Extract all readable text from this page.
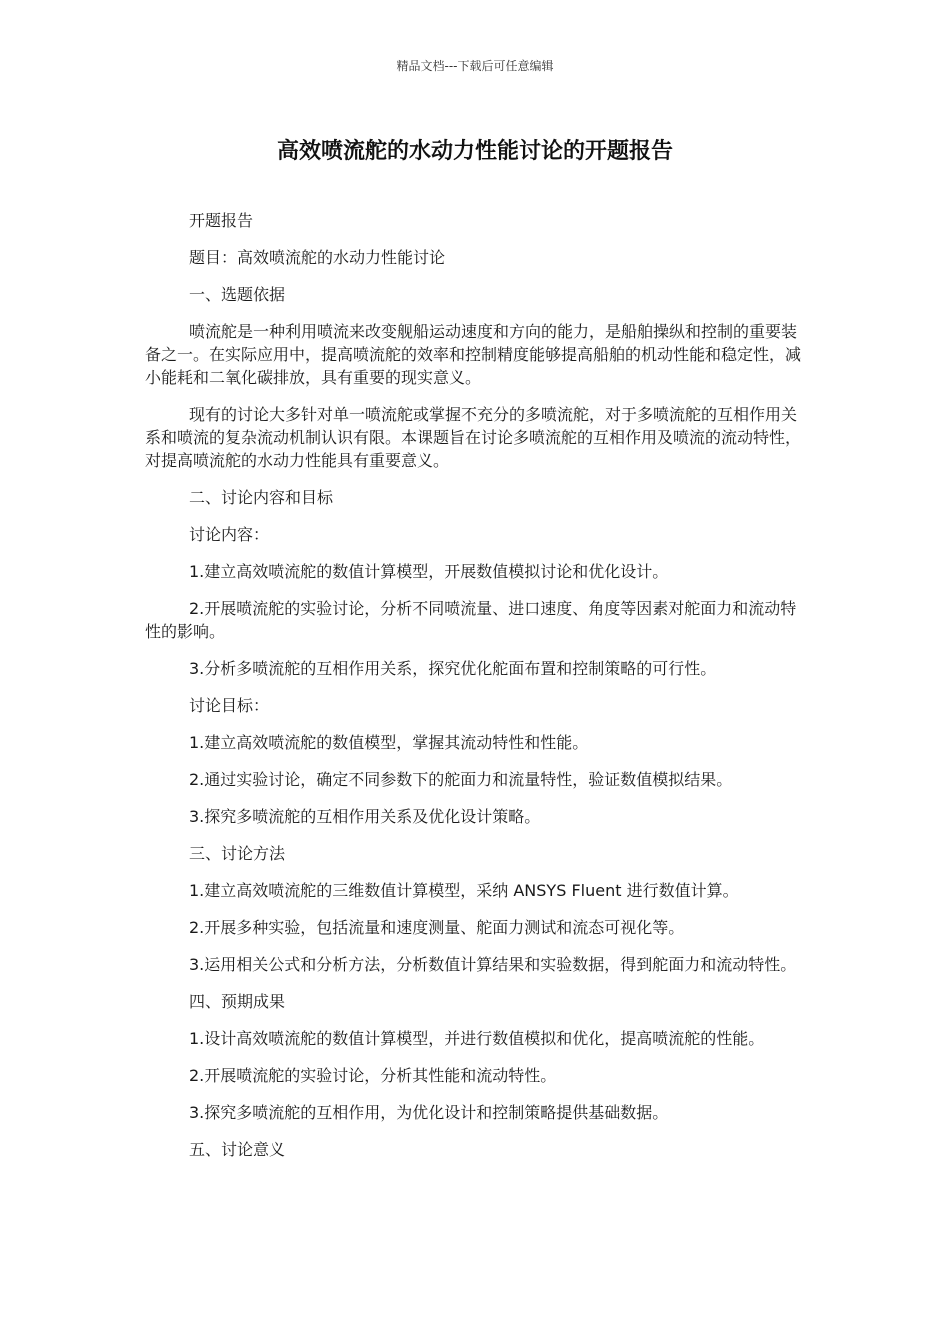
精品文档---下载后可任意编辑
高效喷流舵的水动力性能讨论的开题报告

开题报告

题目：高效喷流舵的水动力性能讨论

一、选题依据

喷流舵是一种利用喷流来改变舰船运动速度和方向的能力，是船舶操纵和控制的重要装备之一。在实际应用中，提高喷流舵的效率和控制精度能够提高船舶的机动性能和稳定性，减小能耗和二氧化碳排放，具有重要的现实意义。

现有的讨论大多针对单一喷流舵或掌握不充分的多喷流舵，对于多喷流舵的互相作用关系和喷流的复杂流动机制认识有限。本课题旨在讨论多喷流舵的互相作用及喷流的流动特性，对提高喷流舵的水动力性能具有重要意义。

二、讨论内容和目标

讨论内容：

1.建立高效喷流舵的数值计算模型，开展数值模拟讨论和优化设计。

2.开展喷流舵的实验讨论，分析不同喷流量、进口速度、角度等因素对舵面力和流动特性的影响。

3.分析多喷流舵的互相作用关系，探究优化舵面布置和控制策略的可行性。

讨论目标：

1.建立高效喷流舵的数值模型，掌握其流动特性和性能。

2.通过实验讨论，确定不同参数下的舵面力和流量特性，验证数值模拟结果。

3.探究多喷流舵的互相作用关系及优化设计策略。

三、讨论方法

1.建立高效喷流舵的三维数值计算模型，采纳 ANSYS Fluent 进行数值计算。

2.开展多种实验，包括流量和速度测量、舵面力测试和流态可视化等。

3.运用相关公式和分析方法，分析数值计算结果和实验数据，得到舵面力和流动特性。

四、预期成果

1.设计高效喷流舵的数值计算模型，并进行数值模拟和优化，提高喷流舵的性能。

2.开展喷流舵的实验讨论，分析其性能和流动特性。

3.探究多喷流舵的互相作用，为优化设计和控制策略提供基础数据。

五、讨论意义
